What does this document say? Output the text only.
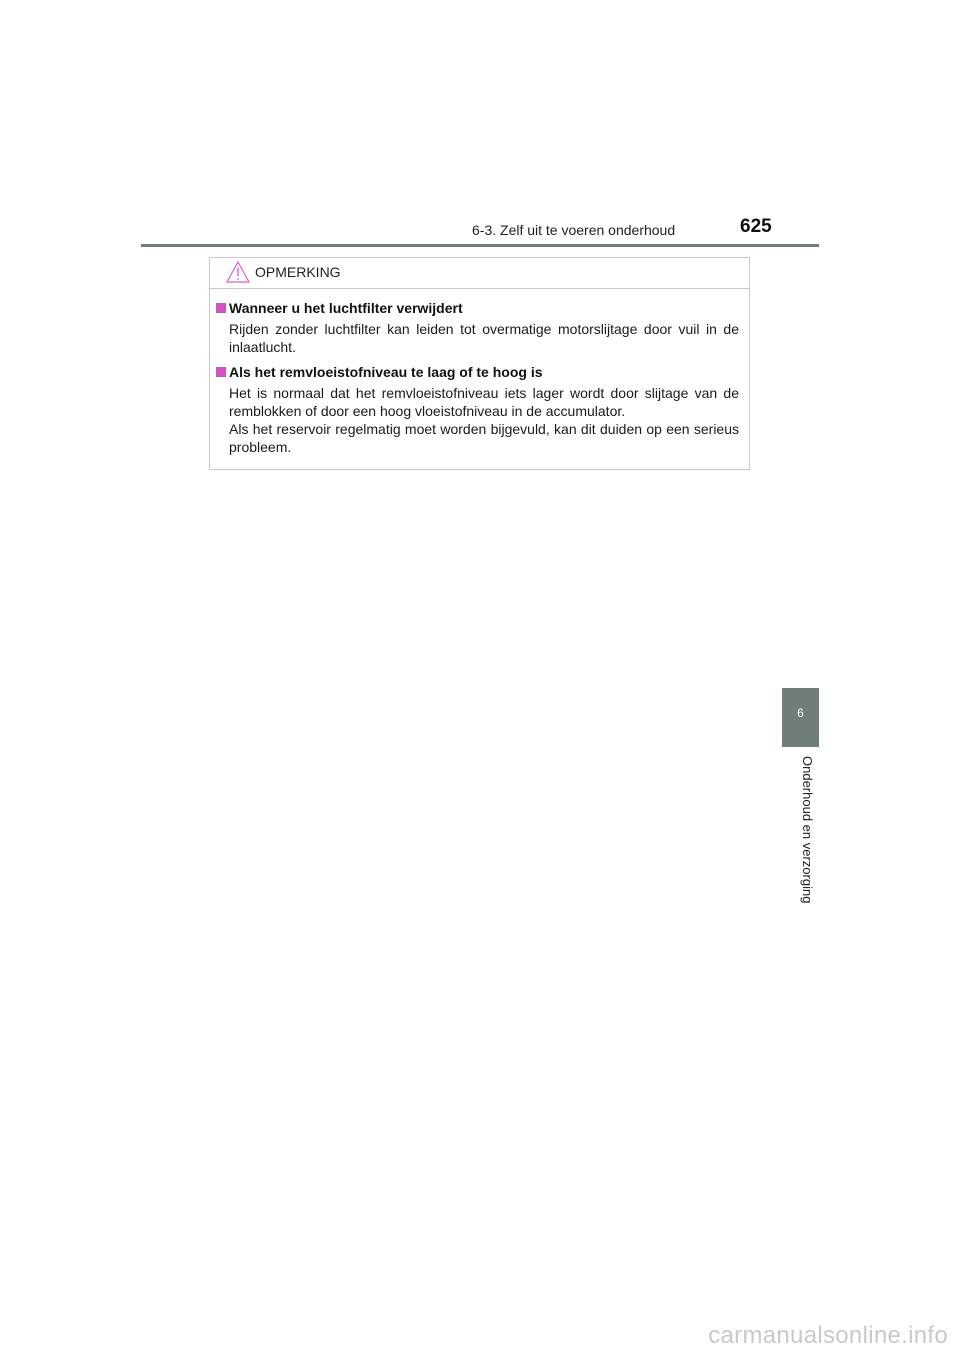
6-3. Zelf uit te voeren onderhoud	625
OPMERKING
Wanneer u het luchtfilter verwijdert
Rijden zonder luchtfilter kan leiden tot overmatige motorslijtage door vuil in de inlaatlucht.
Als het remvloeistofniveau te laag of te hoog is
Het is normaal dat het remvloeistofniveau iets lager wordt door slijtage van de remblokken of door een hoog vloeistofniveau in de accumulator.
Als het reservoir regelmatig moet worden bijgevuld, kan dit duiden op een serieus probleem.
6
Onderhoud en verzorging
carmanualsonline.info
